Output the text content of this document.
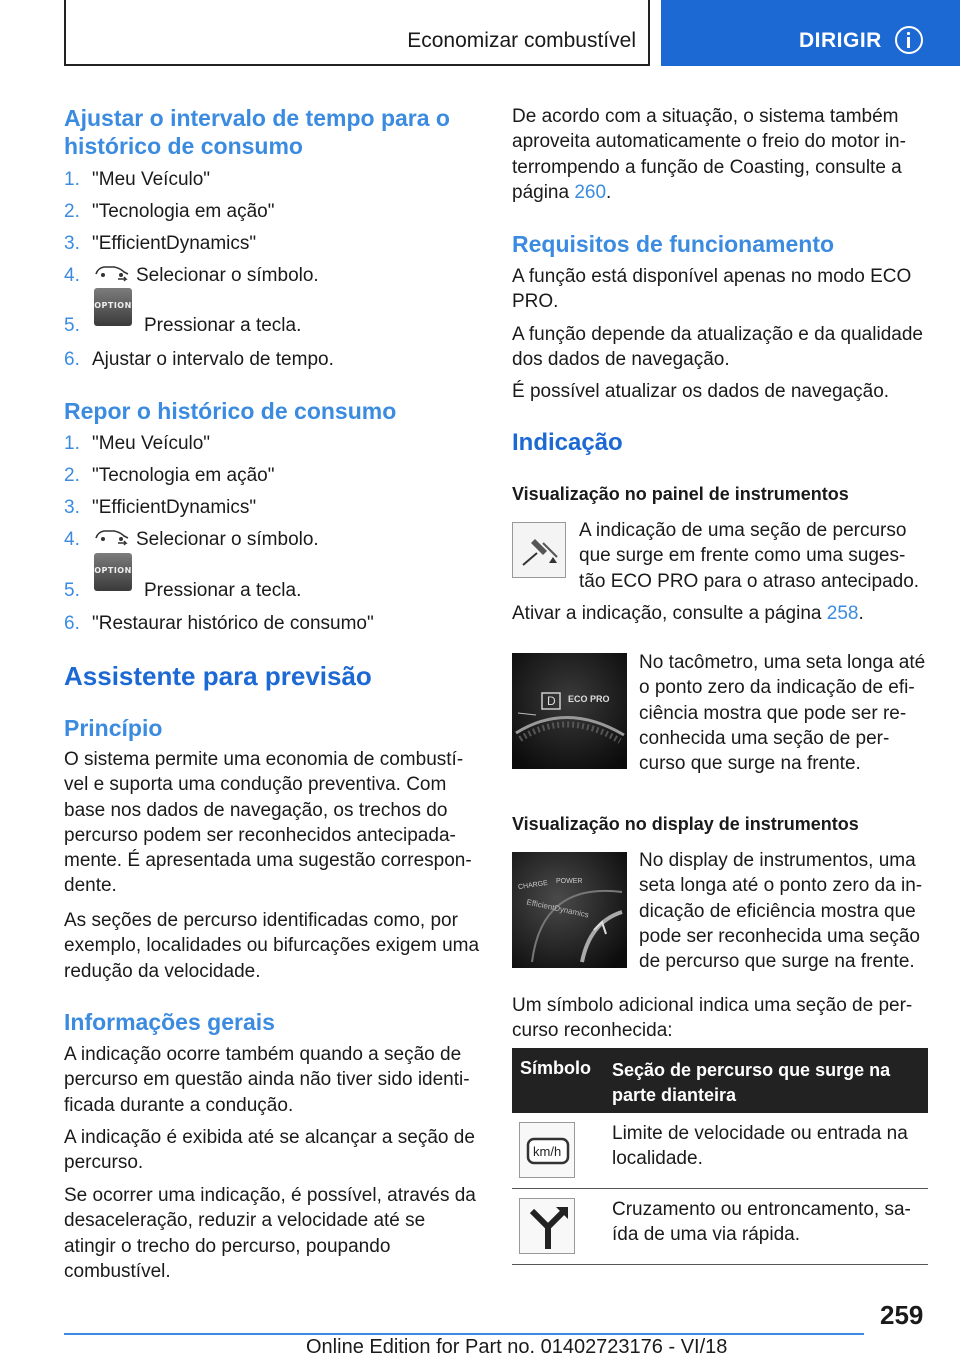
Economizar combustível	DIRIGIR
Ajustar o intervalo de tempo para o histórico de consumo
1. "Meu Veículo"
2. "Tecnologia em ação"
3. "EfficientDynamics"
4.	Selecionar o símbolo.
5.
OPTION
Pressionar a tecla.
6. Ajustar o intervalo de tempo.
Repor o histórico de consumo
1. "Meu Veículo"
2. "Tecnologia em ação"
3. "EfficientDynamics"
4.	Selecionar o símbolo.
5.
OPTION
Pressionar a tecla.
6. "Restaurar histórico de consumo"
Assistente para previsão
Princípio

O sistema permite uma economia de combustí-vel e suporta uma condução preventiva. Com base nos dados de navegação, os trechos do percurso podem ser reconhecidos antecipada-mente. É apresentada uma sugestão correspon-dente.

As seções de percurso identificadas como, por exemplo, localidades ou bifurcações exigem uma redução da velocidade.

Informações gerais

A indicação ocorre também quando a seção de percurso em questão ainda não tiver sido identi-ficada durante a condução.

A indicação é exibida até se alcançar a seção de percurso.

Se ocorrer uma indicação, é possível, através da desaceleração, reduzir a velocidade até se atingir o trecho do percurso, poupando combustível.

De acordo com a situação, o sistema também aproveita automaticamente o freio do motor in-terrompendo a função de Coasting, consulte a página 260.

Requisitos de funcionamento

A função está disponível apenas no modo ECO PRO.

A função depende da atualização e da qualidade dos dados de navegação.

É possível atualizar os dados de navegação.

Indicação
Visualização no painel de instrumentos

A indicação de uma seção de percurso que surge em frente como uma suges-tão ECO PRO para o atraso antecipado.

Ativar a indicação, consulte a página 258.

D ECO PRO

No tacômetro, uma seta longa até o ponto zero da indicação de efi-ciência mostra que pode ser re-conhecida uma seção de per-curso que surge na frente.

Visualização no display de instrumentos
CHARGE POWER
EfficientDynamics

No display de instrumentos, uma seta longa até o ponto zero da in-dicação de eficiência mostra que pode ser reconhecida uma seção de percurso que surge na frente.

Um símbolo adicional indica uma seção de per-curso reconhecida:

Símbolo Seção de percurso que surge na parte dianteira
km/h
Limite de velocidade ou entrada na localidade.
Cruzamento ou entroncamento, sa-ída de uma via rápida.
259
Online Edition for Part no. 01402723176 - VI/18
